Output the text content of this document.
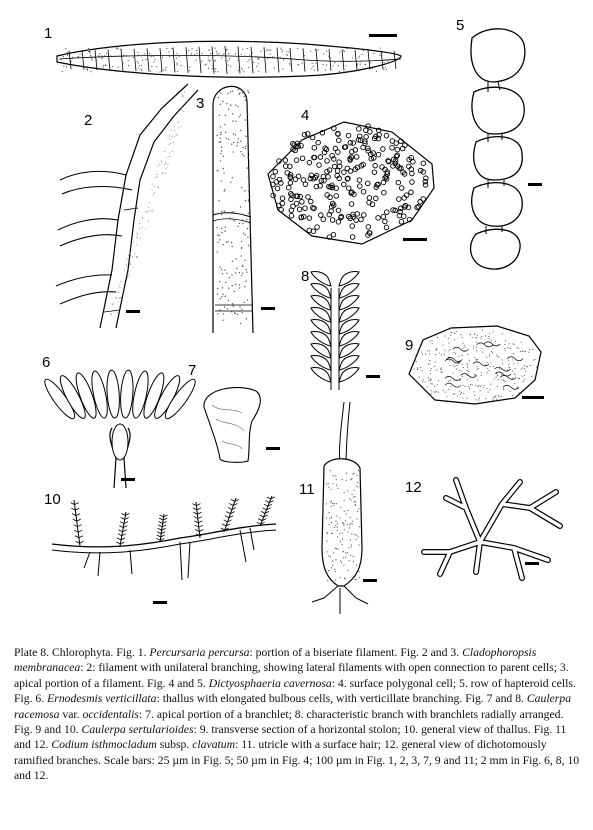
1
2
3
4
5
6	7
8
9
10
11	12
Plate 8. Chlorophyta. Fig. 1. Percursaria percursa: portion of a biseriate filament. Fig. 2 and 3. Cladophoropsis membranacea: 2: filament with unilateral branching, showing lateral filaments with open connection to parent cells; 3. apical portion of a filament. Fig. 4 and 5. Dictyosphaeria cavernosa: 4. surface polygonal cell; 5. row of hapteroid cells. Fig. 6. Ernodesmis verticillata: thallus with elongated bulbous cells, with verticillate branching. Fig. 7 and 8. Caulerpa racemosa var. occidentalis: 7. apical portion of a branchlet; 8. characteristic branch with branchlets radially arranged. Fig. 9 and 10. Caulerpa sertularioides: 9. transverse section of a horizontal stolon; 10. general view of thallus. Fig. 11 and 12. Codium isthmocladum subsp. clavatum: 11. utricle with a surface hair; 12. general view of dichotomously ramified branches. Scale bars: 25 µm in Fig. 5; 50 µm in Fig. 4; 100 µm in Fig. 1, 2, 3, 7, 9 and 11; 2 mm in Fig. 6, 8, 10 and 12.
